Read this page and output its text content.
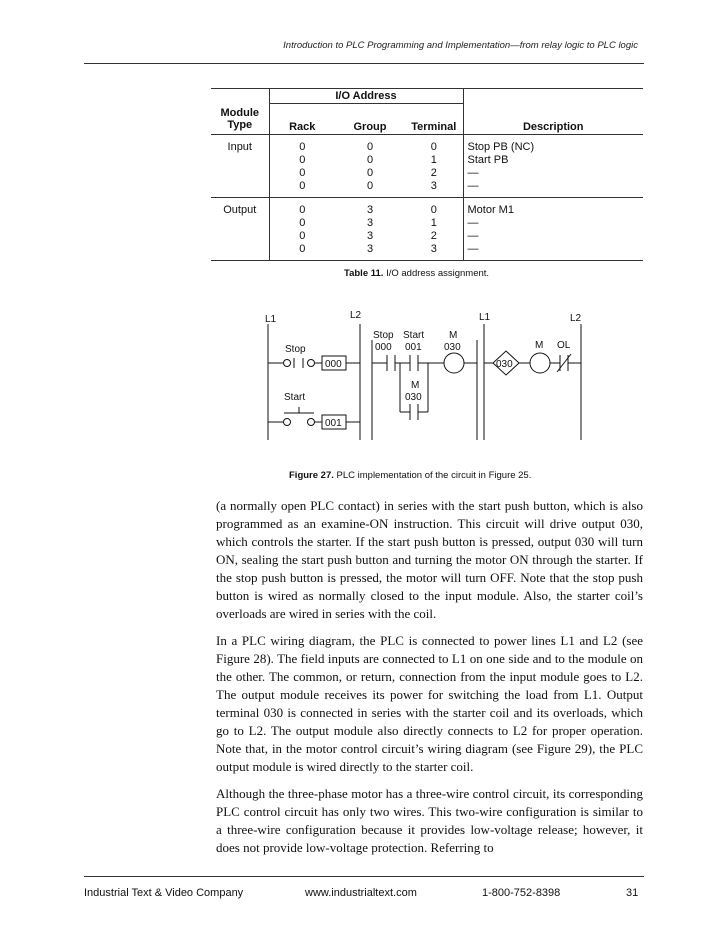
Introduction to PLC Programming and Implementation—from relay logic to PLC logic
	I/O Address			
Module Type	Rack	Group	Terminal	Description
Input	0	0	0	Stop PB (NC)
	0	0	1	Start PB
	0	0	2	—
	0	0	3	—
Output	0	3	0	Motor M1
	0	3	1	—
	0	3	2	—
	0	3	3	—
Table 11. I/O address assignment.
L1	L2	L1	L2
Stop
Start
000
001
Stop
000
Start
001
M
030
M
030
030
M OL
Figure 27. PLC implementation of the circuit in Figure 25.

(a normally open PLC contact) in series with the start push button, which is also programmed as an examine-ON instruction. This circuit will drive output 030, which controls the starter. If the start push button is pressed, output 030 will turn ON, sealing the start push button and turning the motor ON through the starter. If the stop push button is pressed, the motor will turn OFF. Note that the stop push button is wired as normally closed to the input module. Also, the starter coil’s overloads are wired in series with the coil.

In a PLC wiring diagram, the PLC is connected to power lines L1 and L2 (see Figure 28). The field inputs are connected to L1 on one side and to the module on the other. The common, or return, connection from the input module goes to L2. The output module receives its power for switching the load from L1. Output terminal 030 is connected in series with the starter coil and its overloads, which go to L2. The output module also directly connects to L2 for proper operation. Note that, in the motor control circuit’s wiring diagram (see Figure 29), the PLC output module is wired directly to the starter coil.

Although the three-phase motor has a three-wire control circuit, its corresponding PLC control circuit has only two wires. This two-wire configuration is similar to a three-wire configuration because it provides low-voltage release; however, it does not provide low-voltage protection. Referring to

Industrial Text & Video Company	www.industrialtext.com	1-800-752-8398	31
